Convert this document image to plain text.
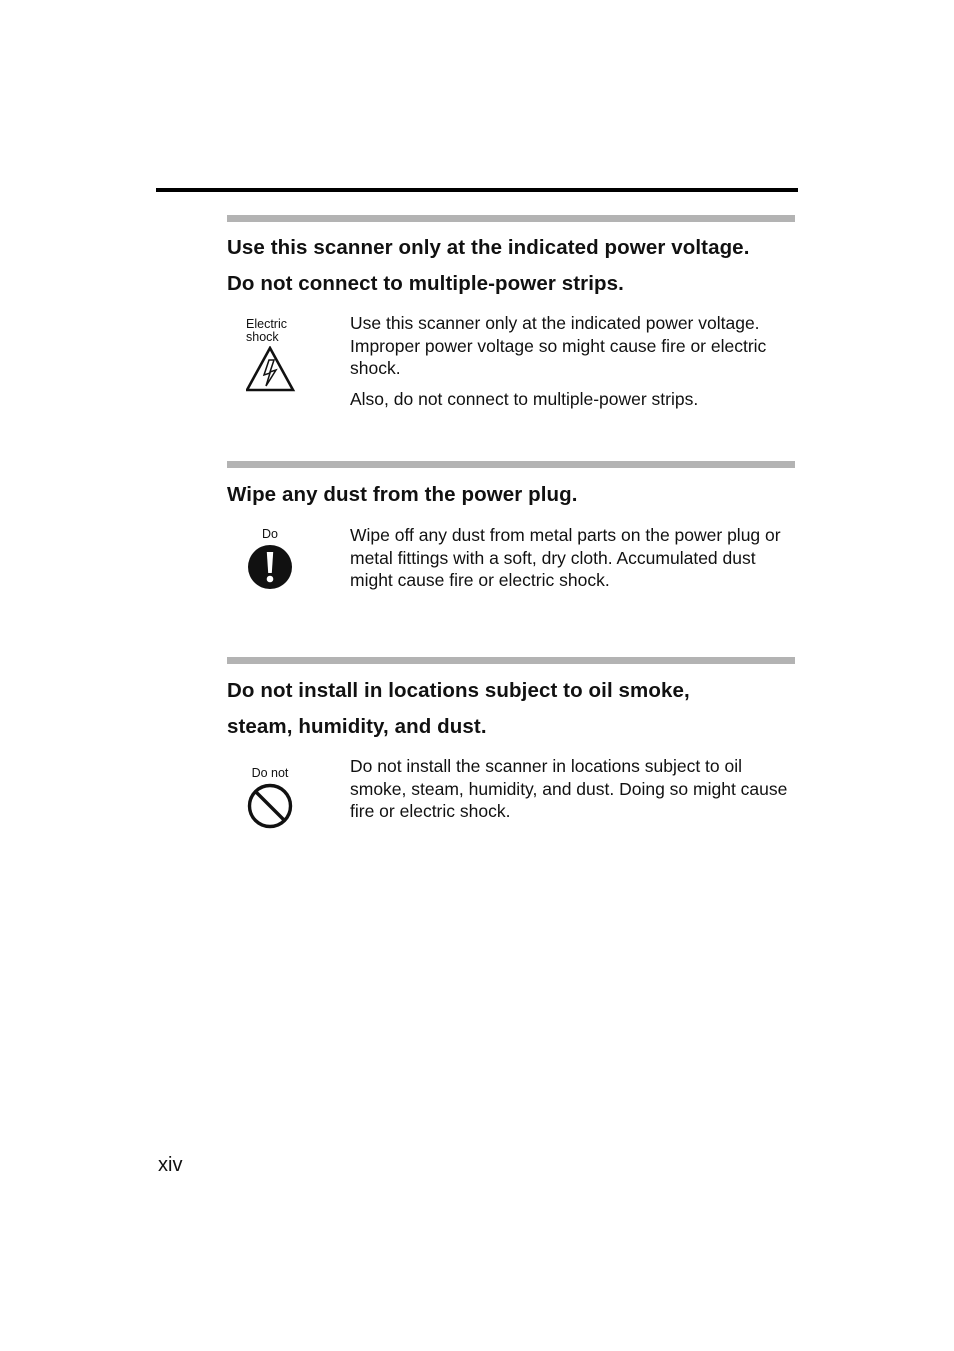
Use this scanner only at the indicated power voltage.
Do not connect to multiple-power strips.
Electric
shock

Use this scanner only at the indicated power voltage. Improper power voltage so might cause fire or electric shock.

Also, do not connect to multiple-power strips.

Wipe any dust from the power plug.
Do	Wipe off any dust from metal parts on the power plug or metal fittings with a soft, dry cloth. Accumulated dust might cause fire or electric shock.

Do not install in locations subject to oil smoke,
steam, humidity, and dust.
Do not	Do not install the scanner in locations subject to oil smoke, steam, humidity, and dust. Doing so might cause fire or electric shock.

xiv
